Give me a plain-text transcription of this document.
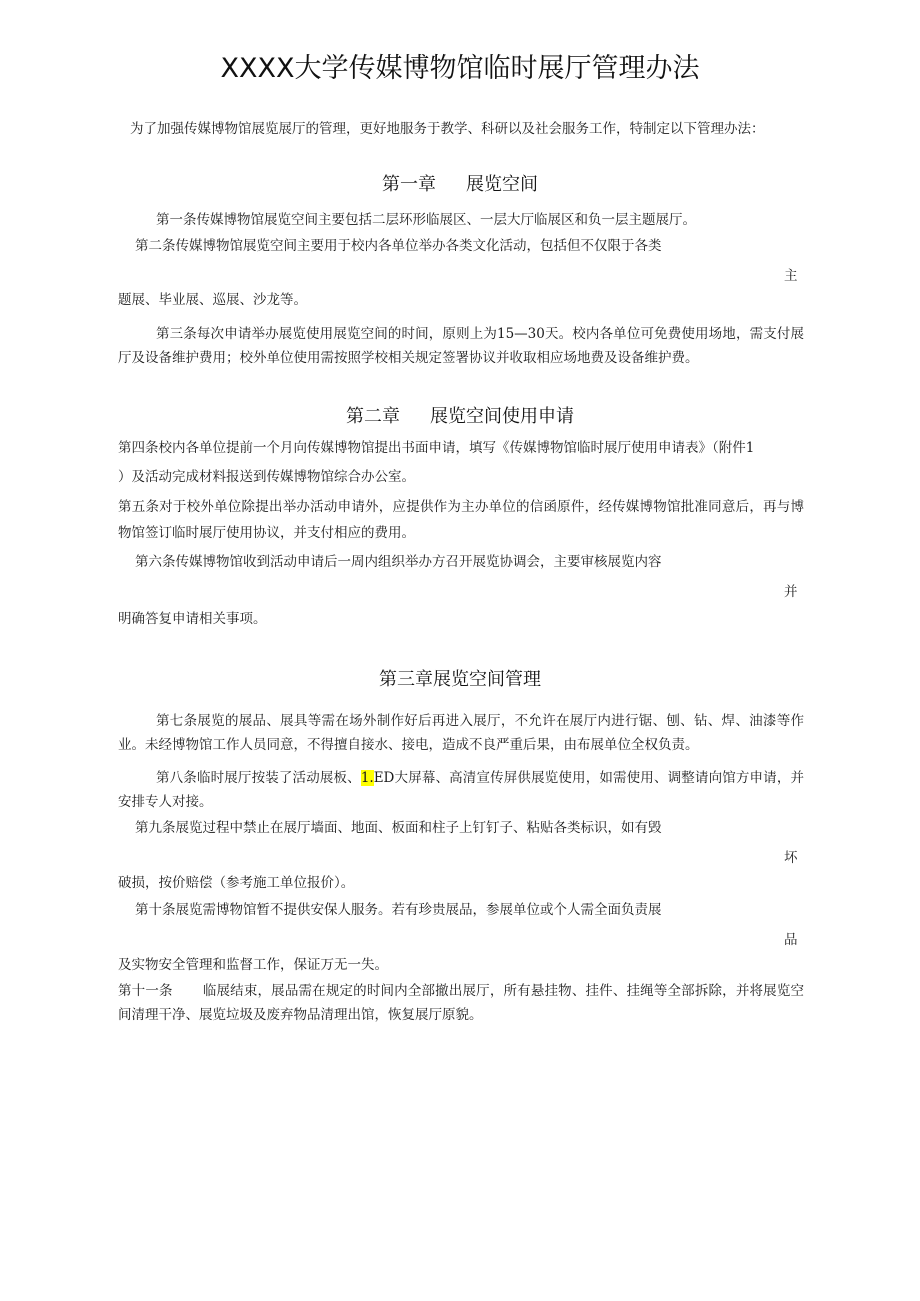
XXXX大学传媒博物馆临时展厅管理办法
为了加强传媒博物馆展览展厅的管理，更好地服务于教学、科研以及社会服务工作，特制定以下管理办法：
第一章 展览空间
第一条传媒博物馆展览空间主要包括二层环形临展区、一层大厅临展区和负一层主题展厅。
第二条传媒博物馆展览空间主要用于校内各单位举办各类文化活动，包括但不仅限于各类
主
题展、毕业展、巡展、沙龙等。
第三条每次申请举办展览使用展览空间的时间，原则上为15—30天。校内各单位可免费使用场地，需支付展厅及设备维护费用；校外单位使用需按照学校相关规定签署协议并收取相应场地费及设备维护费。
第二章 展览空间使用申请
第四条校内各单位提前一个月向传媒博物馆提出书面申请，填写《传媒博物馆临时展厅使用申请表》（附件1
）及活动完成材料报送到传媒博物馆综合办公室。
第五条对于校外单位除提出举办活动申请外，应提供作为主办单位的信函原件，经传媒博物馆批准同意后，再与博物馆签订临时展厅使用协议，并支付相应的费用。
第六条传媒博物馆收到活动申请后一周内组织举办方召开展览协调会，主要审核展览内容
并
明确答复申请相关事项。
第三章展览空间管理
第七条展览的展品、展具等需在场外制作好后再进入展厅，不允许在展厅内进行锯、刨、钻、焊、油漆等作业。未经博物馆工作人员同意，不得擅自接水、接电，造成不良严重后果，由布展单位全权负责。
第八条临时展厅按装了活动展板、1.ED大屏幕、高清宣传屏供展览使用，如需使用、调整请向馆方申请，并安排专人对接。
第九条展览过程中禁止在展厅墙面、地面、板面和柱子上钉钉子、粘贴各类标识，如有毁
坏
破损，按价赔偿（参考施工单位报价）。
第十条展览需博物馆暂不提供安保人服务。若有珍贵展品，参展单位或个人需全面负责展
品
及实物安全管理和监督工作，保证万无一失。
第十一条 临展结束，展品需在规定的时间内全部撤出展厅，所有悬挂物、挂件、挂绳等全部拆除，并将展览空间清理干净、展览垃圾及废弃物品清理出馆，恢复展厅原貌。
